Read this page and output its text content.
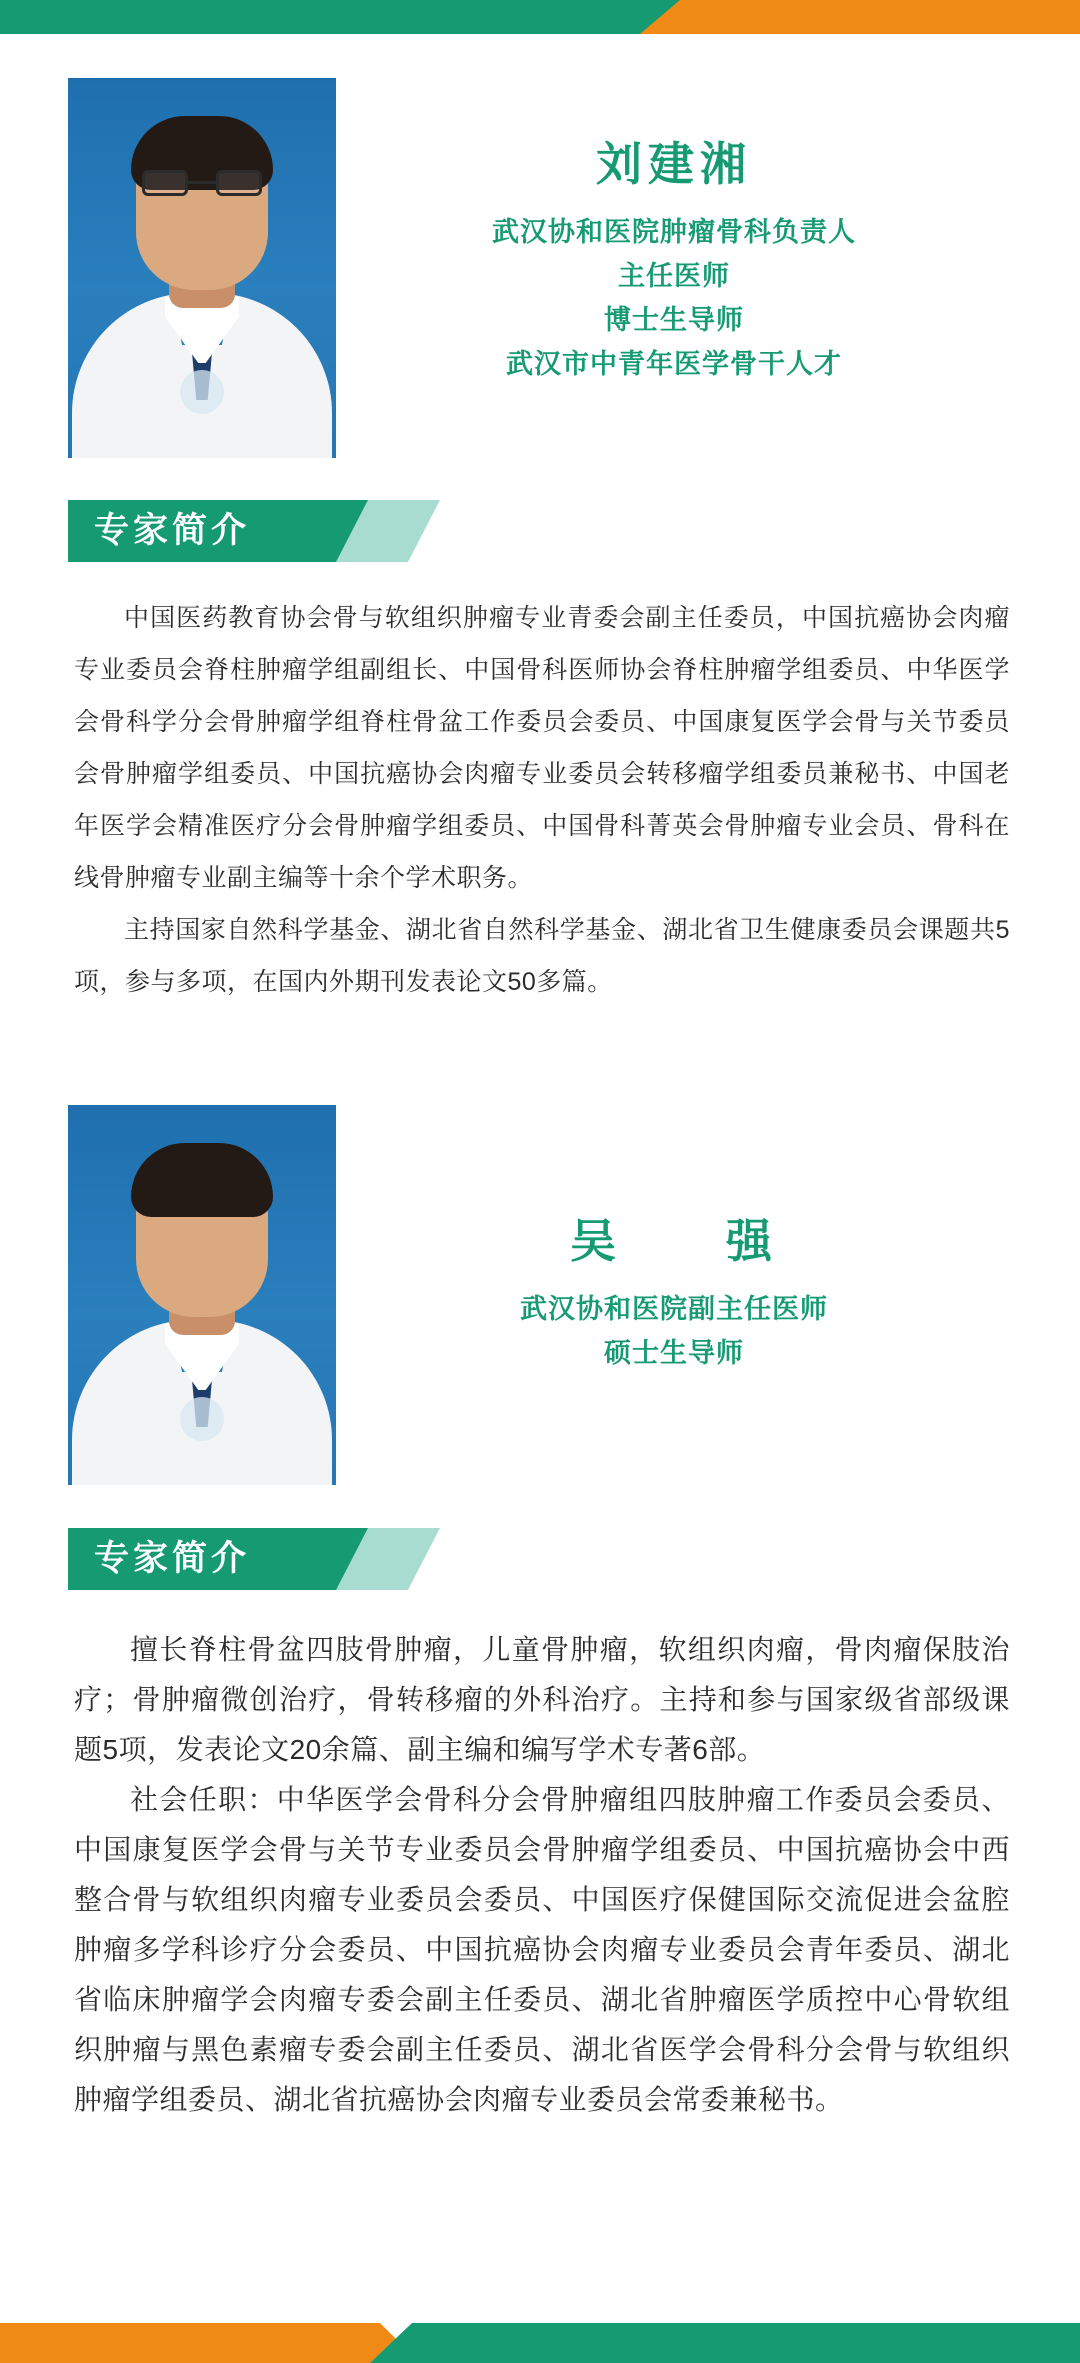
刘建湘
武汉协和医院肿瘤骨科负责人
主任医师
博士生导师
武汉市中青年医学骨干人才
专家简介

中国医药教育协会骨与软组织肿瘤专业青委会副主任委员，中国抗癌协会肉瘤专业委员会脊柱肿瘤学组副组长、中国骨科医师协会脊柱肿瘤学组委员、中华医学会骨科学分会骨肿瘤学组脊柱骨盆工作委员会委员、中国康复医学会骨与关节委员会骨肿瘤学组委员、中国抗癌协会肉瘤专业委员会转移瘤学组委员兼秘书、中国老年医学会精准医疗分会骨肿瘤学组委员、中国骨科菁英会骨肿瘤专业会员、骨科在线骨肿瘤专业副主编等十余个学术职务。

主持国家自然科学基金、湖北省自然科学基金、湖北省卫生健康委员会课题共5项，参与多项，在国内外期刊发表论文50多篇。

吴　　强
武汉协和医院副主任医师
硕士生导师
专家简介

擅长脊柱骨盆四肢骨肿瘤，儿童骨肿瘤，软组织肉瘤，骨肉瘤保肢治疗；骨肿瘤微创治疗，骨转移瘤的外科治疗。主持和参与国家级省部级课题5项，发表论文20余篇、副主编和编写学术专著6部。

社会任职：中华医学会骨科分会骨肿瘤组四肢肿瘤工作委员会委员、中国康复医学会骨与关节专业委员会骨肿瘤学组委员、中国抗癌协会中西整合骨与软组织肉瘤专业委员会委员、中国医疗保健国际交流促进会盆腔肿瘤多学科诊疗分会委员、中国抗癌协会肉瘤专业委员会青年委员、湖北省临床肿瘤学会肉瘤专委会副主任委员、湖北省肿瘤医学质控中心骨软组织肿瘤与黑色素瘤专委会副主任委员、湖北省医学会骨科分会骨与软组织肿瘤学组委员、湖北省抗癌协会肉瘤专业委员会常委兼秘书。
